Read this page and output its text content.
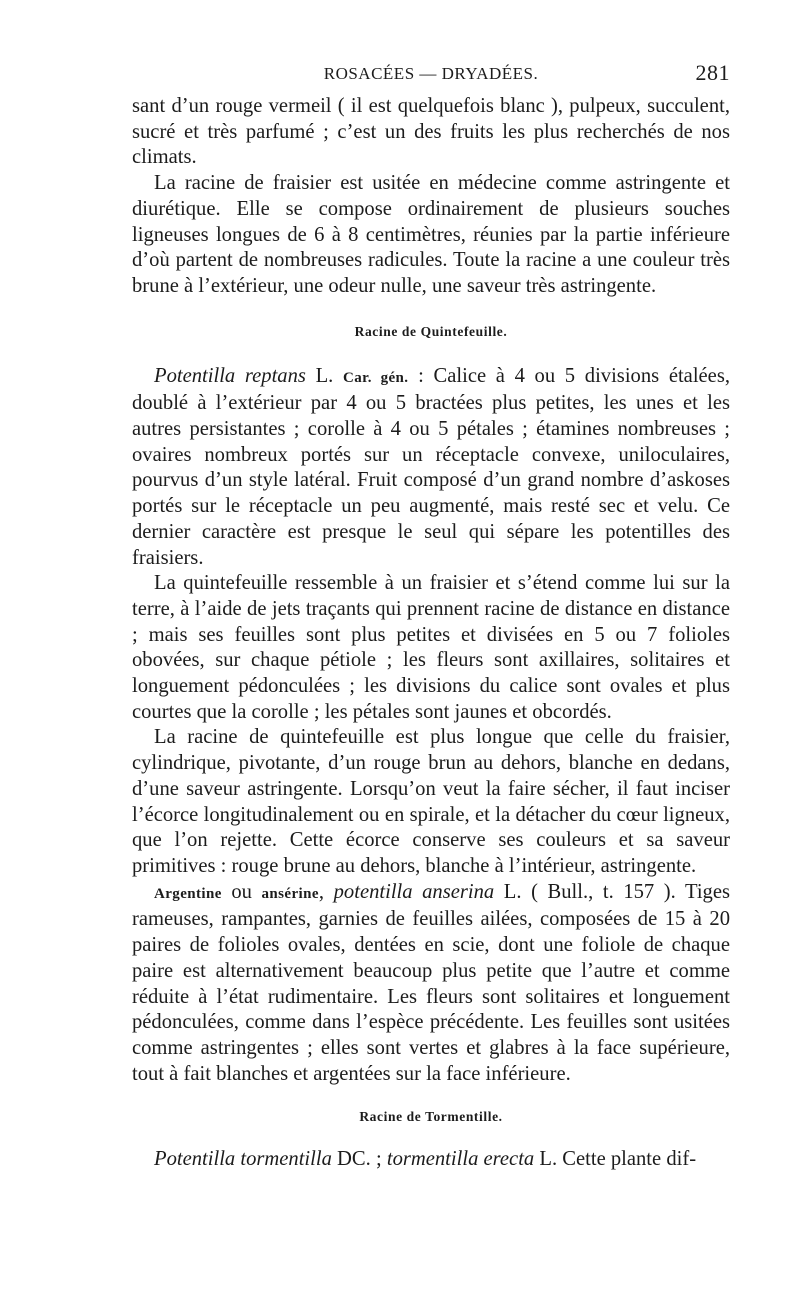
ROSACÉES — DRYADÉES.	281

sant d’un rouge vermeil ( il est quelquefois blanc ), pulpeux, succulent, sucré et très parfumé ; c’est un des fruits les plus recherchés de nos climats.

La racine de fraisier est usitée en médecine comme astringente et diurétique. Elle se compose ordinairement de plusieurs souches ligneuses longues de 6 à 8 centimètres, réunies par la partie inférieure d’où partent de nombreuses radicules. Toute la racine a une couleur très brune à l’extérieur, une odeur nulle, une saveur très astringente.

Racine de Quintefeuille.

Potentilla reptans L. Car. gén. : Calice à 4 ou 5 divisions étalées, doublé à l’extérieur par 4 ou 5 bractées plus petites, les unes et les autres persistantes ; corolle à 4 ou 5 pétales ; étamines nombreuses ; ovaires nombreux portés sur un réceptacle convexe, uniloculaires, pourvus d’un style latéral. Fruit composé d’un grand nombre d’askoses portés sur le réceptacle un peu augmenté, mais resté sec et velu. Ce dernier caractère est presque le seul qui sépare les potentilles des fraisiers.

La quintefeuille ressemble à un fraisier et s’étend comme lui sur la terre, à l’aide de jets traçants qui prennent racine de distance en distance ; mais ses feuilles sont plus petites et divisées en 5 ou 7 folioles obovées, sur chaque pétiole ; les fleurs sont axillaires, solitaires et longuement pédonculées ; les divisions du calice sont ovales et plus courtes que la corolle ; les pétales sont jaunes et obcordés.

La racine de quintefeuille est plus longue que celle du fraisier, cylindrique, pivotante, d’un rouge brun au dehors, blanche en dedans, d’une saveur astringente. Lorsqu’on veut la faire sécher, il faut inciser l’écorce longitudinalement ou en spirale, et la détacher du cœur ligneux, que l’on rejette. Cette écorce conserve ses couleurs et sa saveur primitives : rouge brune au dehors, blanche à l’intérieur, astringente.

Argentine ou ansérine, potentilla anserina L. ( Bull., t. 157 ). Tiges rameuses, rampantes, garnies de feuilles ailées, composées de 15 à 20 paires de folioles ovales, dentées en scie, dont une foliole de chaque paire est alternativement beaucoup plus petite que l’autre et comme réduite à l’état rudimentaire. Les fleurs sont solitaires et longuement pédonculées, comme dans l’espèce précédente. Les feuilles sont usitées comme astringentes ; elles sont vertes et glabres à la face supérieure, tout à fait blanches et argentées sur la face inférieure.

Racine de Tormentille.

Potentilla tormentilla DC. ; tormentilla erecta L. Cette plante dif-
